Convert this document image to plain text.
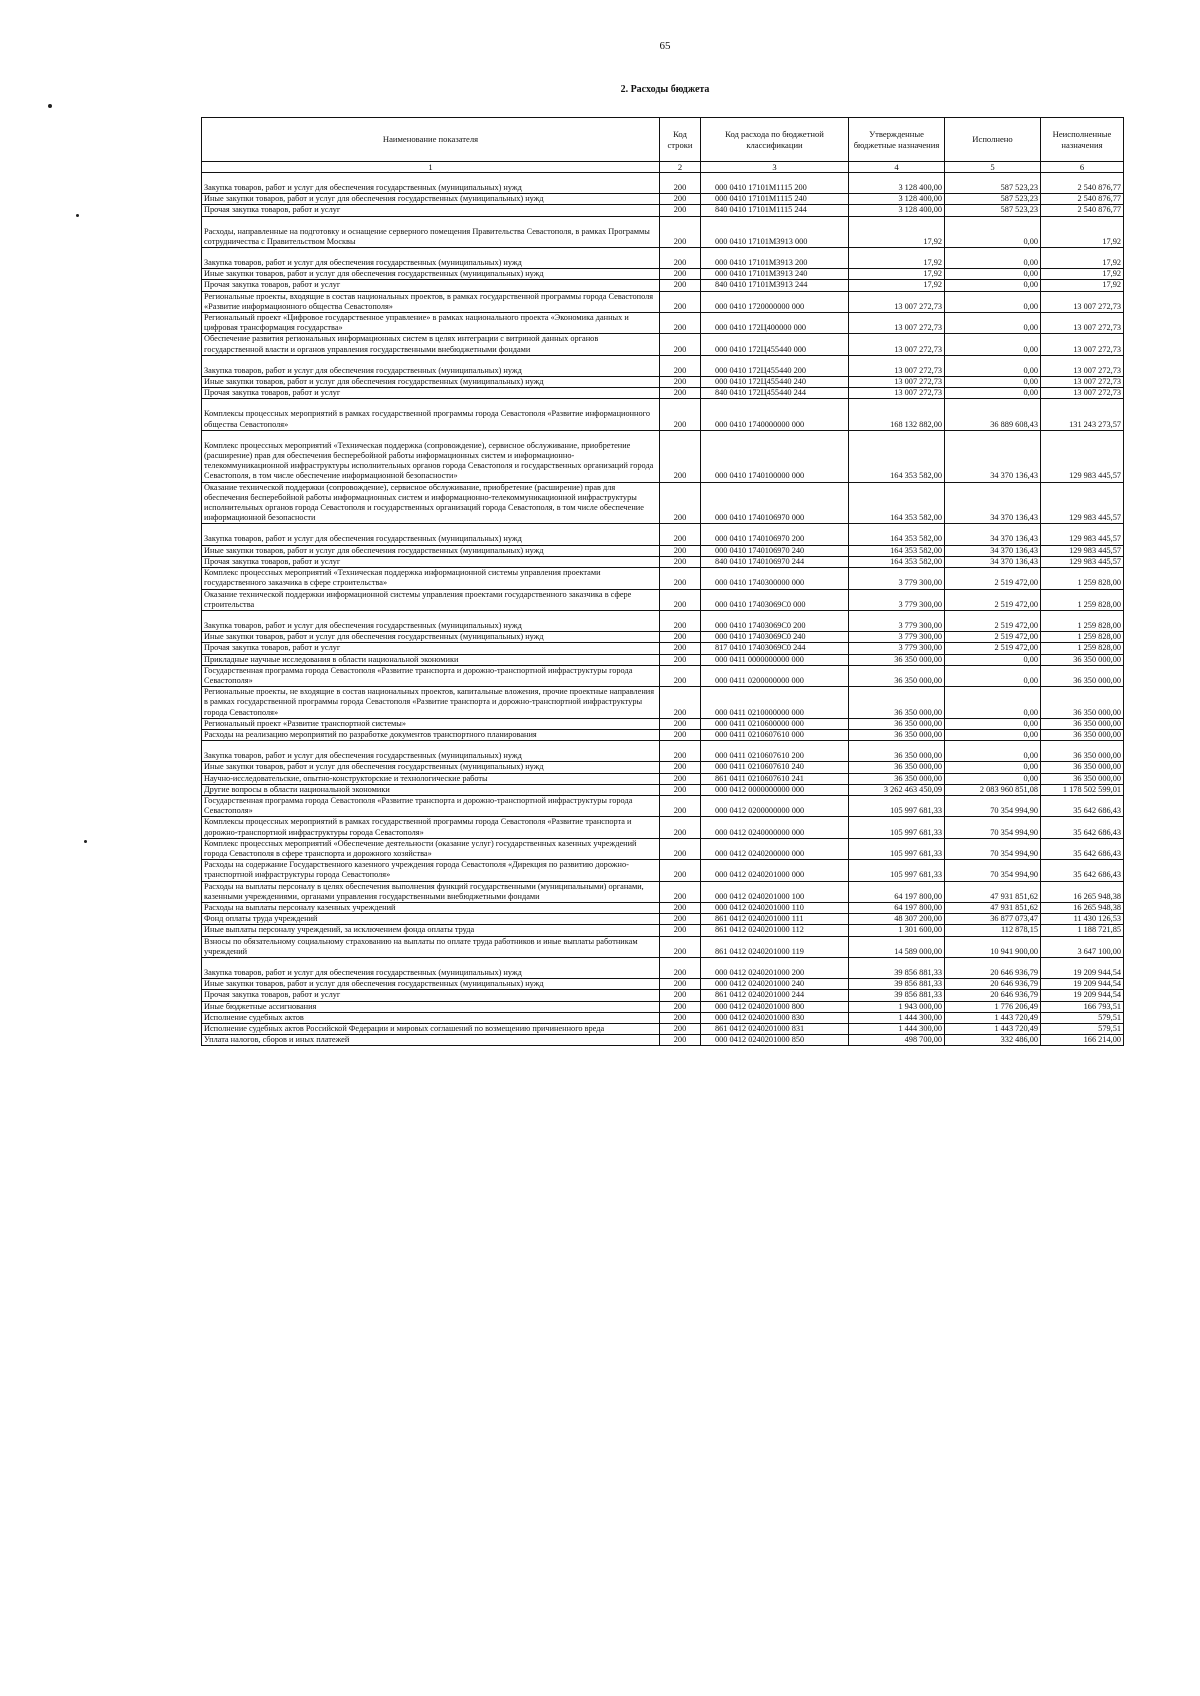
65
2. Расходы бюджета
Наименование показателя	Код строки	Код расхода по бюджетной классификации	Утвержденные бюджетные назначения	Исполнено	Неисполненные назначения
1	2	3	4	5	6
Закупка товаров, работ и услуг для обеспечения государственных (муниципальных) нужд	200	000 0410 17101M1115 200	3 128 400,00	587 523,23	2 540 876,77
Иные закупки товаров, работ и услуг для обеспечения государственных (муниципальных) нужд	200	000 0410 17101M1115 240	3 128 400,00	587 523,23	2 540 876,77
Прочая закупка товаров, работ и услуг	200	840 0410 17101M1115 244	3 128 400,00	587 523,23	2 540 876,77
Расходы, направленные на подготовку и оснащение серверного помещения Правительства Севастополя, в рамках Программы сотрудничества с Правительством Москвы	200	000 0410 17101M3913 000	17,92	0,00	17,92
Закупка товаров, работ и услуг для обеспечения государственных (муниципальных) нужд	200	000 0410 17101M3913 200	17,92	0,00	17,92
Иные закупки товаров, работ и услуг для обеспечения государственных (муниципальных) нужд	200	000 0410 17101M3913 240	17,92	0,00	17,92
Прочая закупка товаров, работ и услуг	200	840 0410 17101M3913 244	17,92	0,00	17,92
Региональные проекты, входящие в состав национальных проектов, в рамках государственной программы города Севастополя «Развитие информационного общества Севастополя»	200	000 0410 1720000000 000	13 007 272,73	0,00	13 007 272,73
Региональный проект «Цифровое государственное управление» в рамках национального проекта «Экономика данных и цифровая трансформация государства»	200	000 0410 172Ц400000 000	13 007 272,73	0,00	13 007 272,73
Обеспечение развития региональных информационных систем в целях интеграции с витриной данных органов государственной власти и органов управления государственными внебюджетными фондами	200	000 0410 172Ц455440 000	13 007 272,73	0,00	13 007 272,73
Закупка товаров, работ и услуг для обеспечения государственных (муниципальных) нужд	200	000 0410 172Ц455440 200	13 007 272,73	0,00	13 007 272,73
Иные закупки товаров, работ и услуг для обеспечения государственных (муниципальных) нужд	200	000 0410 172Ц455440 240	13 007 272,73	0,00	13 007 272,73
Прочая закупка товаров, работ и услуг	200	840 0410 172Ц455440 244	13 007 272,73	0,00	13 007 272,73
Комплексы процессных мероприятий в рамках государственной программы города Севастополя «Развитие информационного общества Севастополя»	200	000 0410 1740000000 000	168 132 882,00	36 889 608,43	131 243 273,57
Комплекс процессных мероприятий «Техническая поддержка (сопровождение), сервисное обслуживание, приобретение (расширение) прав для обеспечения бесперебойной работы информационных систем и информационно-телекоммуникационной инфраструктуры исполнительных органов города Севастополя и государственных организаций города Севастополя, в том числе обеспечение информационной безопасности»	200	000 0410 1740100000 000	164 353 582,00	34 370 136,43	129 983 445,57
Оказание технической поддержки (сопровождение), сервисное обслуживание, приобретение (расширение) прав для обеспечения бесперебойной работы информационных систем и информационно-телекоммуникационной инфраструктуры исполнительных органов города Севастополя и государственных организаций города Севастополя, в том числе обеспечение информационной безопасности	200	000 0410 1740106970 000	164 353 582,00	34 370 136,43	129 983 445,57
Закупка товаров, работ и услуг для обеспечения государственных (муниципальных) нужд	200	000 0410 1740106970 200	164 353 582,00	34 370 136,43	129 983 445,57
Иные закупки товаров, работ и услуг для обеспечения государственных (муниципальных) нужд	200	000 0410 1740106970 240	164 353 582,00	34 370 136,43	129 983 445,57
Прочая закупка товаров, работ и услуг	200	840 0410 1740106970 244	164 353 582,00	34 370 136,43	129 983 445,57
Комплекс процессных мероприятий «Техническая поддержка информационной системы управления проектами государственного заказчика в сфере строительства»	200	000 0410 1740300000 000	3 779 300,00	2 519 472,00	1 259 828,00
Оказание технической поддержки информационной системы управления проектами государственного заказчика в сфере строительства	200	000 0410 17403069C0 000	3 779 300,00	2 519 472,00	1 259 828,00
Закупка товаров, работ и услуг для обеспечения государственных (муниципальных) нужд	200	000 0410 17403069C0 200	3 779 300,00	2 519 472,00	1 259 828,00
Иные закупки товаров, работ и услуг для обеспечения государственных (муниципальных) нужд	200	000 0410 17403069C0 240	3 779 300,00	2 519 472,00	1 259 828,00
Прочая закупка товаров, работ и услуг	200	817 0410 17403069C0 244	3 779 300,00	2 519 472,00	1 259 828,00
Прикладные научные исследования в области национальной экономики	200	000 0411 0000000000 000	36 350 000,00	0,00	36 350 000,00
Государственная программа города Севастополя «Развитие транспорта и дорожно-транспортной инфраструктуры города Севастополя»	200	000 0411 0200000000 000	36 350 000,00	0,00	36 350 000,00
Региональные проекты, не входящие в состав национальных проектов, капитальные вложения, прочие проектные направления в рамках государственной программы города Севастополя «Развитие транспорта и дорожно-транспортной инфраструктуры города Севастополя»	200	000 0411 0210000000 000	36 350 000,00	0,00	36 350 000,00
Региональный проект «Развитие транспортной системы»	200	000 0411 0210600000 000	36 350 000,00	0,00	36 350 000,00
Расходы на реализацию мероприятий по разработке документов транспортного планирования	200	000 0411 0210607610 000	36 350 000,00	0,00	36 350 000,00
Закупка товаров, работ и услуг для обеспечения государственных (муниципальных) нужд	200	000 0411 0210607610 200	36 350 000,00	0,00	36 350 000,00
Иные закупки товаров, работ и услуг для обеспечения государственных (муниципальных) нужд	200	000 0411 0210607610 240	36 350 000,00	0,00	36 350 000,00
Научно-исследовательские, опытно-конструкторские и технологические работы	200	861 0411 0210607610 241	36 350 000,00	0,00	36 350 000,00
Другие вопросы в области национальной экономики	200	000 0412 0000000000 000	3 262 463 450,09	2 083 960 851,08	1 178 502 599,01
Государственная программа города Севастополя «Развитие транспорта и дорожно-транспортной инфраструктуры города Севастополя»	200	000 0412 0200000000 000	105 997 681,33	70 354 994,90	35 642 686,43
Комплексы процессных мероприятий в рамках государственной программы города Севастополя «Развитие транспорта и дорожно-транспортной инфраструктуры города Севастополя»	200	000 0412 0240000000 000	105 997 681,33	70 354 994,90	35 642 686,43
Комплекс процессных мероприятий «Обеспечение деятельности (оказание услуг) государственных казенных учреждений города Севастополя в сфере транспорта и дорожного хозяйства»	200	000 0412 0240200000 000	105 997 681,33	70 354 994,90	35 642 686,43
Расходы на содержание Государственного казенного учреждения города Севастополя «Дирекция по развитию дорожно-транспортной инфраструктуры города Севастополя»	200	000 0412 0240201000 000	105 997 681,33	70 354 994,90	35 642 686,43
Расходы на выплаты персоналу в целях обеспечения выполнения функций государственными (муниципальными) органами, казенными учреждениями, органами управления государственными внебюджетными фондами	200	000 0412 0240201000 100	64 197 800,00	47 931 851,62	16 265 948,38
Расходы на выплаты персоналу казенных учреждений	200	000 0412 0240201000 110	64 197 800,00	47 931 851,62	16 265 948,38
Фонд оплаты труда учреждений	200	861 0412 0240201000 111	48 307 200,00	36 877 073,47	11 430 126,53
Иные выплаты персоналу учреждений, за исключением фонда оплаты труда	200	861 0412 0240201000 112	1 301 600,00	112 878,15	1 188 721,85
Взносы по обязательному социальному страхованию на выплаты по оплате труда работников и иные выплаты работникам учреждений	200	861 0412 0240201000 119	14 589 000,00	10 941 900,00	3 647 100,00
Закупка товаров, работ и услуг для обеспечения государственных (муниципальных) нужд	200	000 0412 0240201000 200	39 856 881,33	20 646 936,79	19 209 944,54
Иные закупки товаров, работ и услуг для обеспечения государственных (муниципальных) нужд	200	000 0412 0240201000 240	39 856 881,33	20 646 936,79	19 209 944,54
Прочая закупка товаров, работ и услуг	200	861 0412 0240201000 244	39 856 881,33	20 646 936,79	19 209 944,54
Иные бюджетные ассигнования	200	000 0412 0240201000 800	1 943 000,00	1 776 206,49	166 793,51
Исполнение судебных актов	200	000 0412 0240201000 830	1 444 300,00	1 443 720,49	579,51
Исполнение судебных актов Российской Федерации и мировых соглашений по возмещению причиненного вреда	200	861 0412 0240201000 831	1 444 300,00	1 443 720,49	579,51
Уплата налогов, сборов и иных платежей	200	000 0412 0240201000 850	498 700,00	332 486,00	166 214,00
